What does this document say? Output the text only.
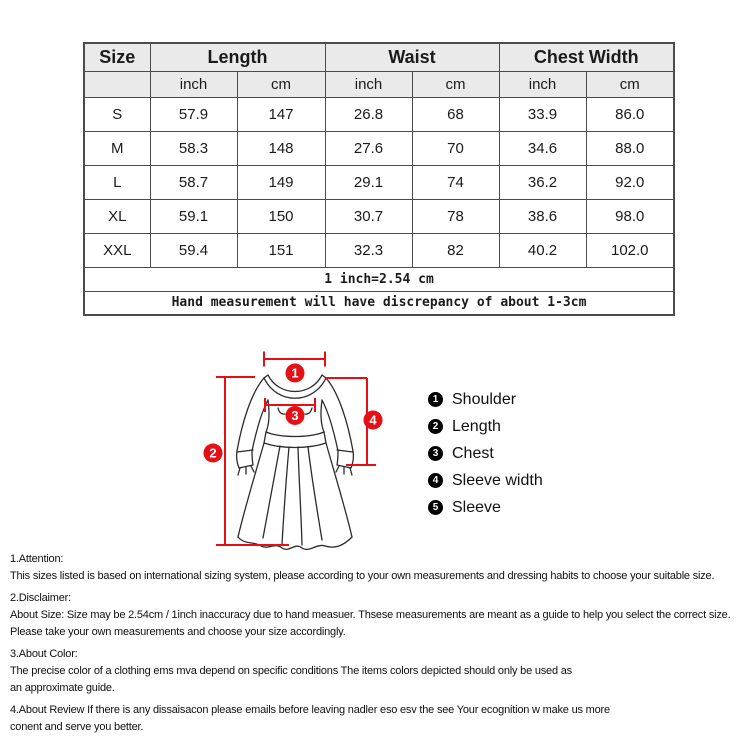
Size	Length		Waist		Chest Width	
	inch	cm	inch	cm	inch	cm
S	57.9	147	26.8	68	33.9	86.0
M	58.3	148	27.6	70	34.6	88.0
L	58.7	149	29.1	74	36.2	92.0
XL	59.1	150	30.7	78	38.6	98.0
XXL	59.4	151	32.3	82	40.2	102.0
1 inch=2.54 cm						
Hand measurement will have discrepancy of about 1-3cm						
1
2
3	4
1 Shoulder
2 Length
3 Chest
4 Sleeve width
5 Sleeve
1.Attention:
This sizes listed is based on international sizing system, please according to your own measurements and dressing habits to choose your suitable size.
2.Disclaimer:
About Size: Size may be 2.54cm / 1inch inaccuracy due to hand measuer. Thsese measurements are meant as a guide to help you select the correct size.
Please take your own measurements and choose your size accordingly.
3.About Color:
The precise color of a clothing ems mva depend on specific conditions The items colors depicted should only be used as
an approximate guide.
4.About Review If there is any dissaisacon please emails before leaving nadler eso esv the see Your ecognition w make us more
conent and serve you better.
